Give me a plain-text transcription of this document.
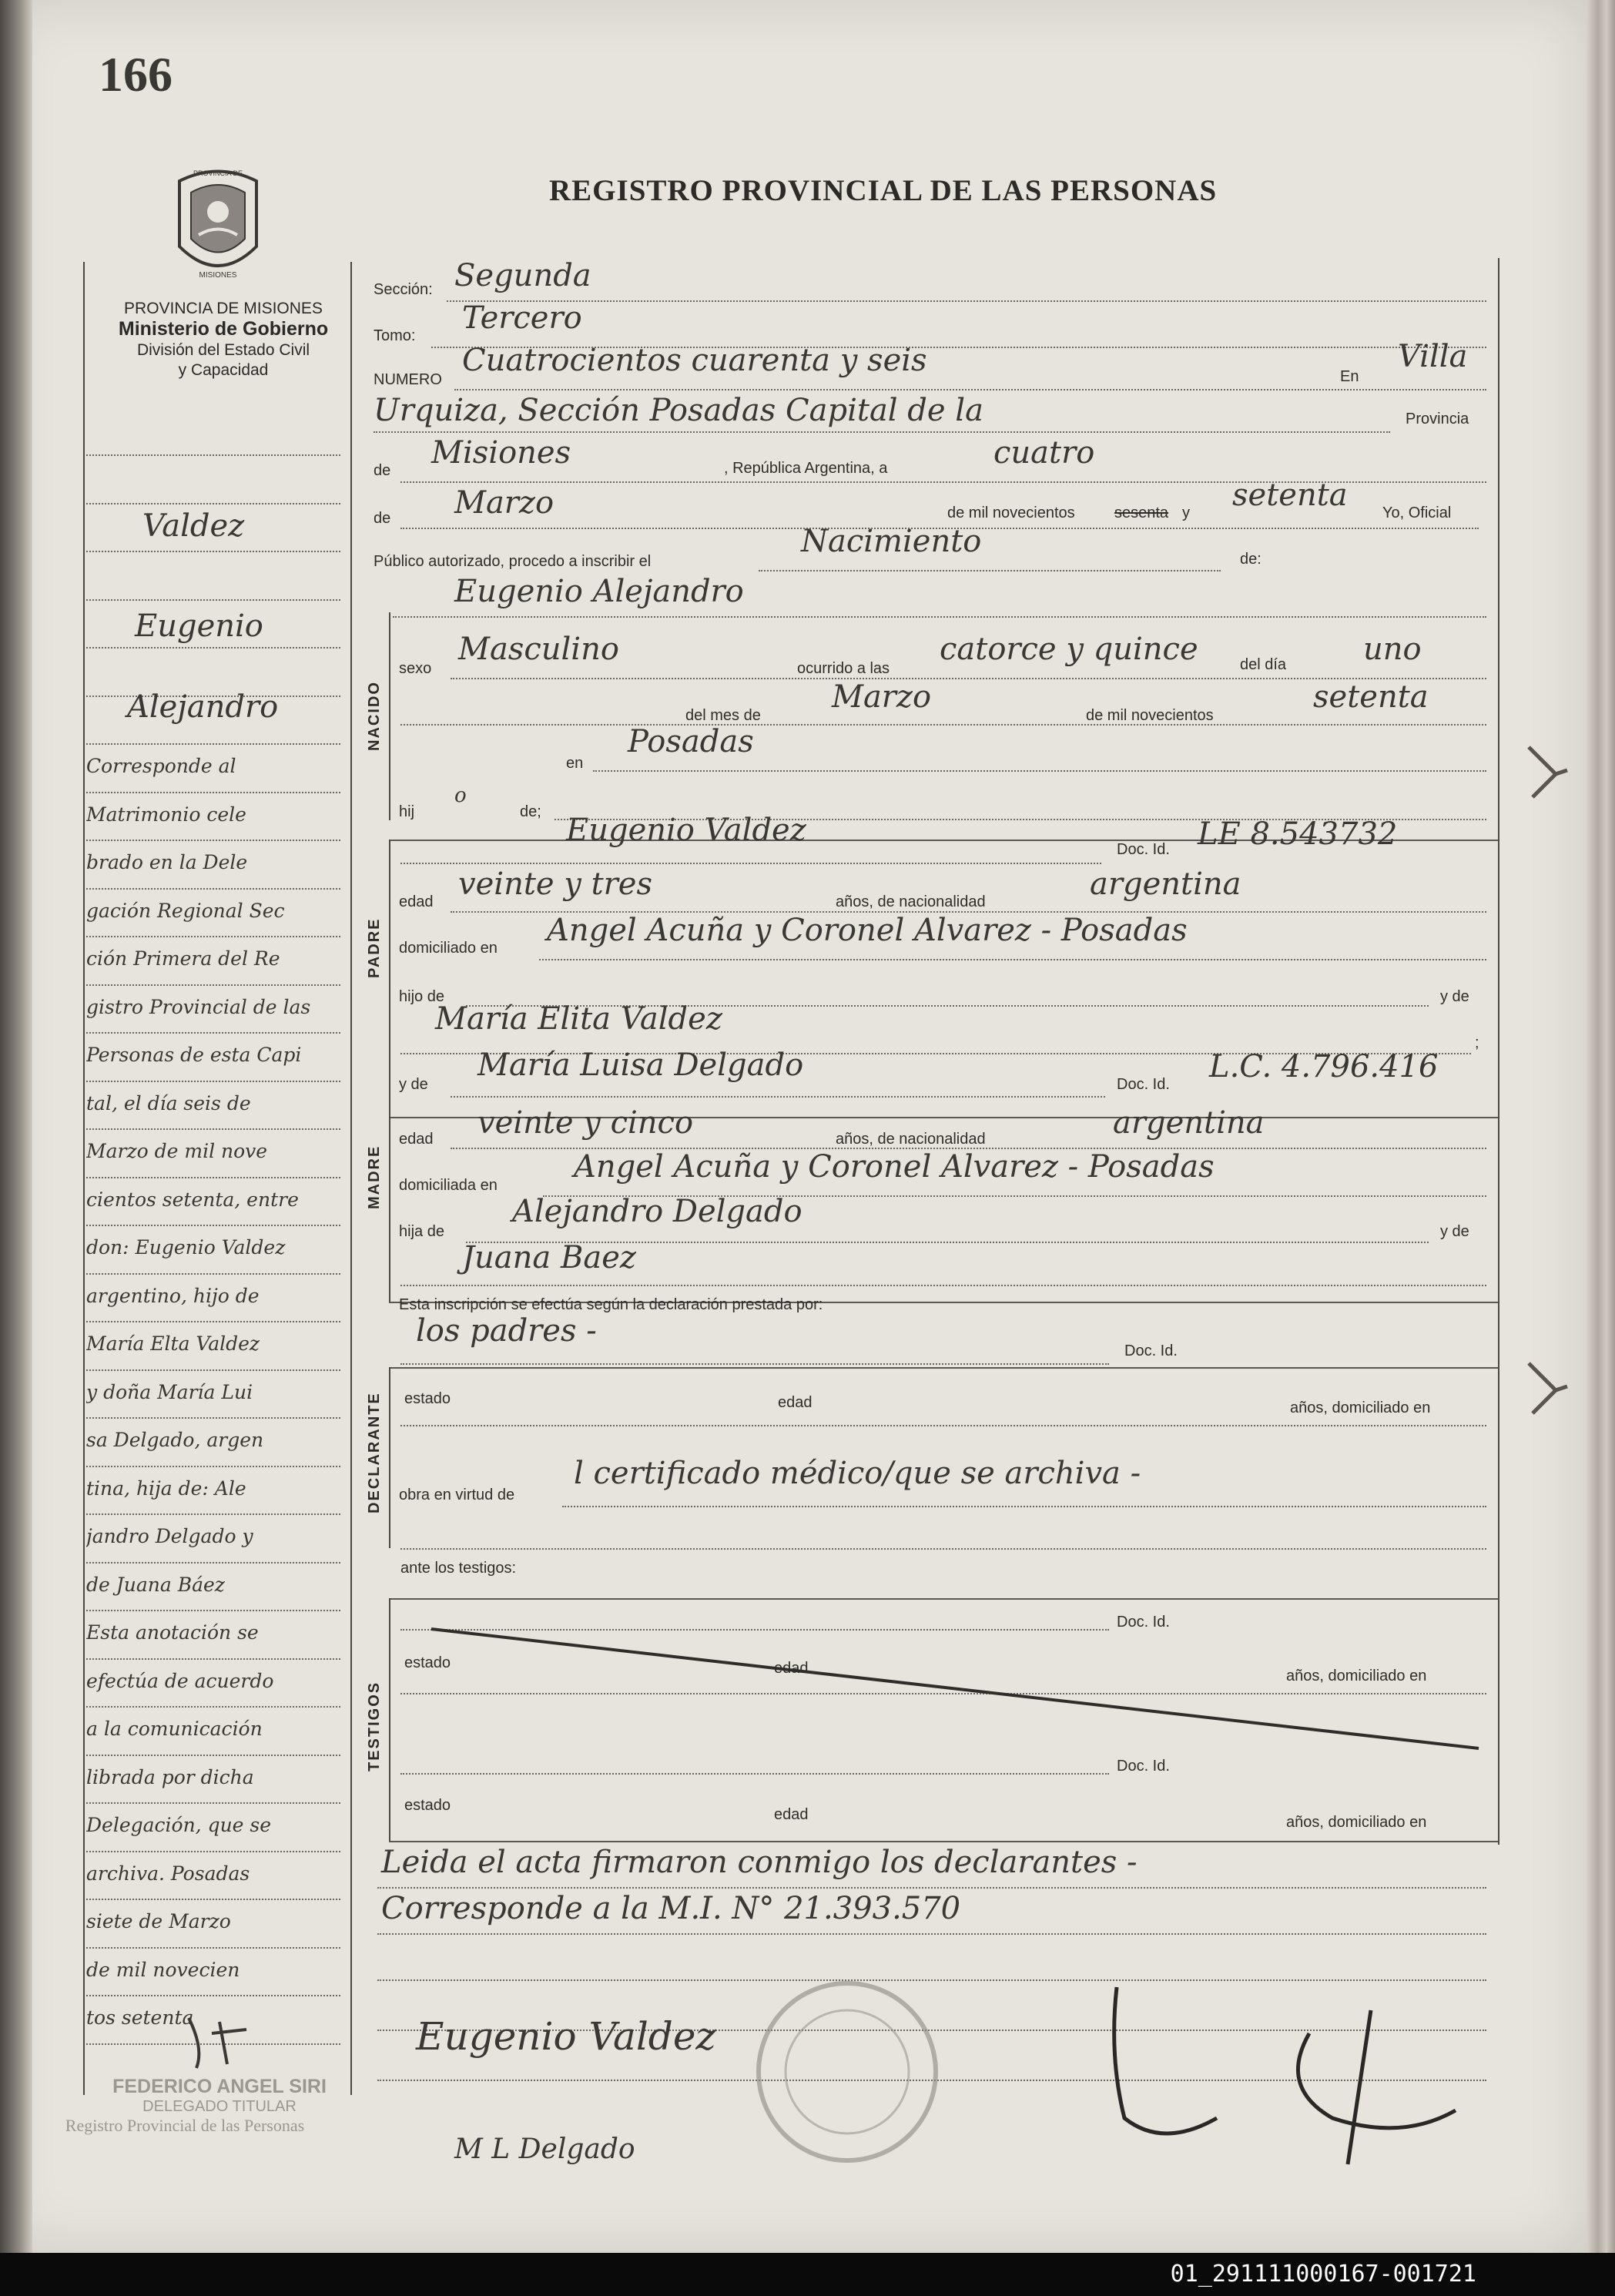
166
PROVINCIA DE
MISIONES
REGISTRO PROVINCIAL DE LAS PERSONAS
PROVINCIA DE MISIONES
Ministerio de Gobierno
División del Estado Civil
y Capacidad
Valdez
Eugenio
Alejandro
Corresponde al
Matrimonio cele
brado en la Dele
gación Regional Sec
ción Primera del Re
gistro Provincial de las
Personas de esta Capi
tal, el día seis de
Marzo de mil nove
cientos setenta, entre
don: Eugenio Valdez
argentino, hijo de
María Elta Valdez
y doña María Lui
sa Delgado, argen
tina, hija de: Ale
jandro Delgado y
de Juana Báez
Esta anotación se
efectúa de acuerdo
a la comunicación
librada por dicha
Delegación, que se
archiva. Posadas
siete de Marzo
de mil novecien
tos setenta
Sección: Segunda
Tomo: Tercero
NUMERO
Cuatrocientos cuarenta y seis	En
Villa
Urquiza, Sección Posadas Capital de la	Provincia
de Misiones	, República Argentina, a	cuatro
de Marzo	de mil novecientos	sesenta y setenta Yo, Oficial
Público autorizado, procedo a inscribir el
Nacimiento	de:
NACIDO
Eugenio Alejandro
sexo
Masculino
ocurrido a las
catorce y quince	del día uno
del mes de
Marzo
de mil novecientos
setenta
en
Posadas
hij
o
de;
PADRE
Eugenio Valdez
Doc. Id. LE 8.543732
edad veinte y tres	años, de nacionalidad	argentina
domiciliado en Angel Acuña y Coronel Alvarez - Posadas
hijo de	y de
María Elita Valdez
;
y de
María Luisa Delgado
Doc. Id. L.C. 4.796.416
MADRE
edad veinte y cinco	años, de nacionalidad	argentina
domiciliada en
Angel Acuña y Coronel Alvarez - Posadas
hija de
Alejandro Delgado
y de
Juana Baez
Esta inscripción se efectúa según la declaración prestada por:
los padres -
Doc. Id.
DECLARANTE estado	edad	años, domiciliado en
obra en virtud de
l certificado médico/que se archiva -
ante los testigos:
TESTIGOS
Doc. Id.
estado	edad	años, domiciliado en
Doc. Id.
estado
edad	años, domiciliado en
Leida el acta firmaron conmigo los declarantes -
Corresponde a la M.I. N° 21.393.570
Eugenio Valdez
M L Delgado
FEDERICO ANGEL SIRI
DELEGADO TITULAR
Registro Provincial de las Personas
01_291111000167-001721
